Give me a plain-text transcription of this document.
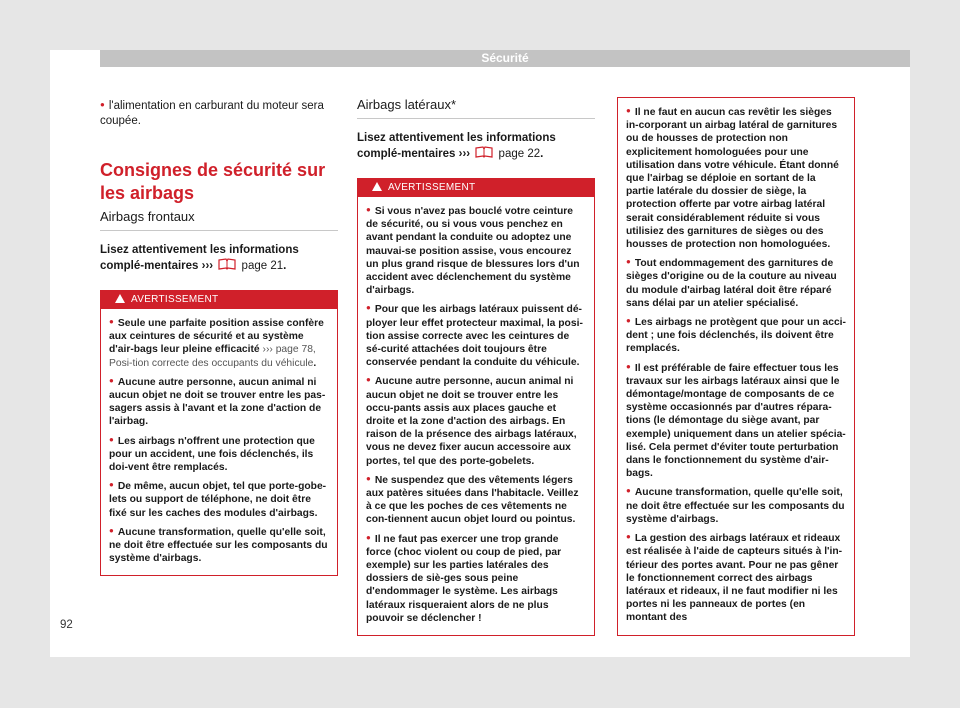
Sécurité

● l'alimentation en carburant du moteur sera coupée.

Consignes de sécurité sur les airbags
Airbags frontaux

Lisez attentivement les informations complé-mentaires ››› page 21.

AVERTISSEMENT

● Seule une parfaite position assise confère aux ceintures de sécurité et au système d'air-bags leur pleine efficacité ››› page 78, Posi-tion correcte des occupants du véhicule.

● Aucune autre personne, aucun animal ni aucun objet ne doit se trouver entre les pas-sagers assis à l'avant et la zone d'action de l'airbag.

● Les airbags n'offrent une protection que pour un accident, une fois déclenchés, ils doi-vent être remplacés.

● De même, aucun objet, tel que porte-gobe-lets ou support de téléphone, ne doit être fixé sur les caches des modules d'airbags.

● Aucune transformation, quelle qu'elle soit, ne doit être effectuée sur les composants du système d'airbags.

Airbags latéraux*

Lisez attentivement les informations complé-mentaires ››› page 22.

AVERTISSEMENT

● Si vous n'avez pas bouclé votre ceinture de sécurité, ou si vous vous penchez en avant pendant la conduite ou adoptez une mauvai-se position assise, vous encourez un plus grand risque de blessures lors d'un accident avec déclenchement du système d'airbags.

● Pour que les airbags latéraux puissent dé-ployer leur effet protecteur maximal, la posi-tion assise correcte avec les ceintures de sé-curité attachées doit toujours être conservée pendant la conduite du véhicule.

● Aucune autre personne, aucun animal ni aucun objet ne doit se trouver entre les occu-pants assis aux places gauche et droite et la zone d'action des airbags. En raison de la présence des airbags latéraux, vous ne devez fixer aucun accessoire aux portes, tel que des porte-gobelets.

● Ne suspendez que des vêtements légers aux patères situées dans l'habitacle. Veillez à ce que les poches de ces vêtements ne con-tiennent aucun objet lourd ou pointus.

● Il ne faut pas exercer une trop grande force (choc violent ou coup de pied, par exemple) sur les parties latérales des dossiers de siè-ges sous peine d'endommager le système. Les airbags latéraux risqueraient alors de ne plus pouvoir se déclencher !

● Il ne faut en aucun cas revêtir les sièges in-corporant un airbag latéral de garnitures ou de housses de protection non explicitement homologuées pour une utilisation dans votre véhicule. Étant donné que l'airbag se déploie en sortant de la partie latérale du dossier de siège, la protection offerte par votre airbag latéral serait considérablement réduite si vous utilisiez des garnitures de sièges ou des housses de protection non homologuées.

● Tout endommagement des garnitures de sièges d'origine ou de la couture au niveau du module d'airbag latéral doit être réparé sans délai par un atelier spécialisé.

● Les airbags ne protègent que pour un acci-dent ; une fois déclenchés, ils doivent être remplacés.

● Il est préférable de faire effectuer tous les travaux sur les airbags latéraux ainsi que le démontage/montage de composants de ce système occasionnés par d'autres répara-tions (le démontage du siège avant, par exemple) uniquement dans un atelier spécia-lisé. Cela permet d'éviter toute perturbation dans le fonctionnement du système d'air-bags.

● Aucune transformation, quelle qu'elle soit, ne doit être effectuée sur les composants du système d'airbags.

● La gestion des airbags latéraux et rideaux est réalisée à l'aide de capteurs situés à l'in-térieur des portes avant. Pour ne pas gêner le fonctionnement correct des airbags latéraux et rideaux, il ne faut modifier ni les portes ni les panneaux de portes (en montant des

92
